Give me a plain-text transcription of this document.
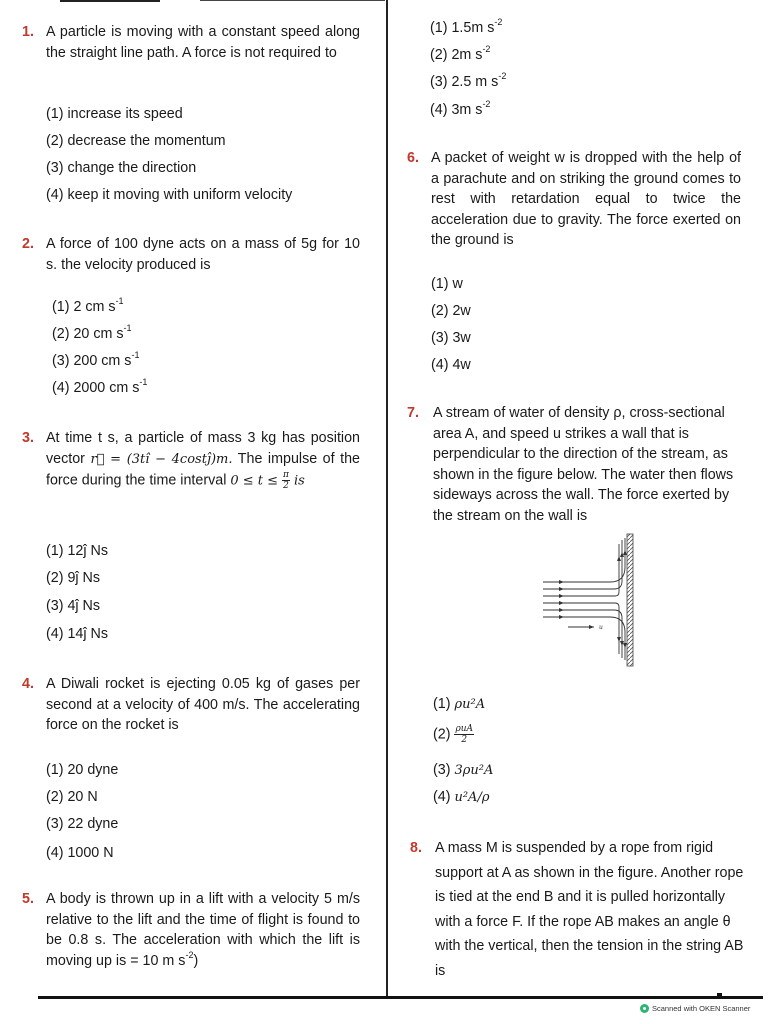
1. A particle is moving with a constant speed along the straight line path. A force is not required to
(1) increase its speed
(2) decrease the momentum
(3) change the direction
(4) keep it moving with uniform velocity
2. A force of 100 dyne acts on a mass of 5g for 10 s. the velocity produced is
(1) 2 cm $s^{-1}$
(2) 20 cm $s^{-1}$
(3) 200 cm $s^{-1}$
(4) 2000 cm $s^{-1}$
3. At time t s, a particle of mass 3 kg has position vector r⃗ = (3tî − 4costĵ)m. The impulse of the force during the time interval $0 \le t \le \frac{\pi}{2}$ is
(1) 12ĵ Ns
(2) 9ĵ Ns
(3) 4ĵ Ns
(4) 14ĵ Ns
4. A Diwali rocket is ejecting 0.05 kg of gases per second at a velocity of 400 m/s. The accelerating force on the rocket is
(1) 20 dyne
(2) 20 N
(3) 22 dyne
(4) 1000 N
5. A body is thrown up in a lift with a velocity 5 m/s relative to the lift and the time of flight is found to be 0.8 s. The acceleration with which the lift is moving up is = 10 m $s^{-2}$)
(1) 1.5m $s^{-2}$
(2) 2m $s^{-2}$
(3) 2.5 m $s^{-2}$
(4) 3m $s^{-2}$
6. A packet of weight w is dropped with the help of a parachute and on striking the ground comes to rest with retardation equal to twice the acceleration due to gravity. The force exerted on the ground is
(1) w
(2) 2w
(3) 3w
(4) 4w
7. A stream of water of density ρ, cross-sectional area A, and speed u strikes a wall that is perpendicular to the direction of the stream, as shown in the figure below. The water then flows sideways across the wall. The force exerted by the stream on the wall is
u
(1) ρu²A
$(2) \frac{\text{ρuA}}{2}$
(3) 3ρu²A
(4) u²A/ρ
8. A mass M is suspended by a rope from rigid support at A as shown in the figure. Another rope is tied at the end B and it is pulled horizontally with a force F. If the rope AB makes an angle θ with the vertical, then the tension in the string AB is
Scanned with OKEN Scanner
